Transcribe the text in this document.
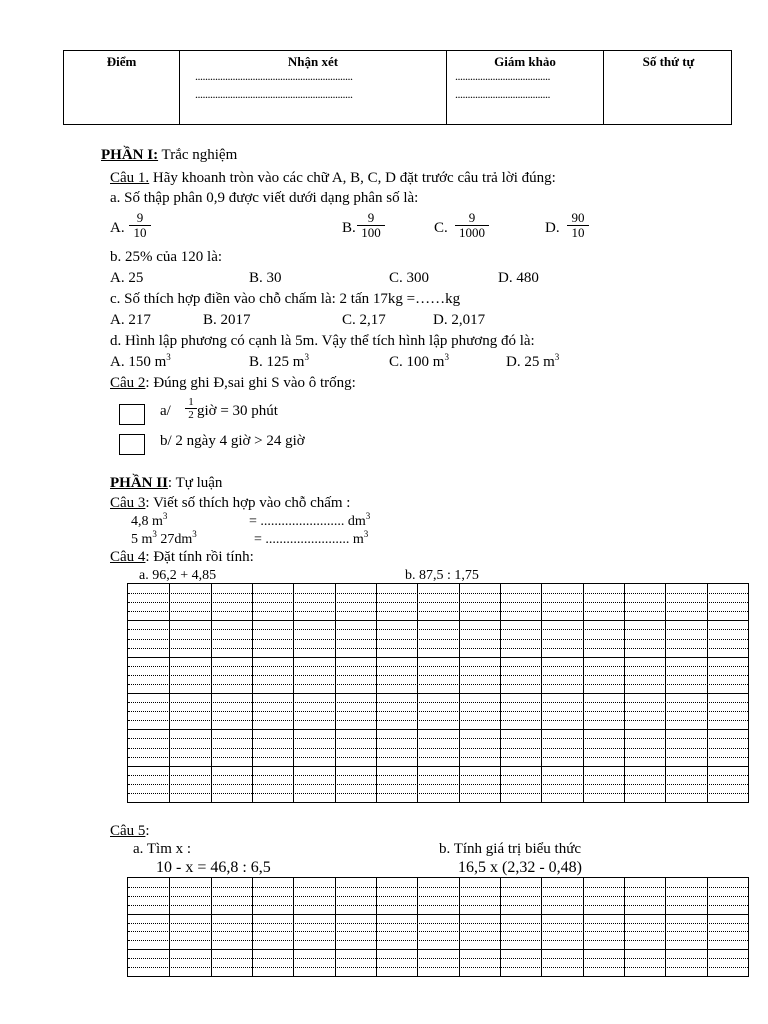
Điểm	Nhận xét	Giám khảo	Số thứ tự
...............................................................
...............................................................
......................................
......................................
PHẦN I: Trắc nghiệm
Câu 1. Hãy khoanh tròn vào các chữ A, B, C, D đặt trước câu trả lời đúng:
a. Số thập phân 0,9 được viết dưới dạng phân số là:
A.
9
10	B.
9
100	C.
9
1000	D.
90
10
b. 25% của 120 là:
A. 25	B. 30	C. 300	D. 480
c. Số thích hợp điền vào chỗ chấm là: 2 tấn 17kg =……kg
A. 217	B. 2017	C. 2,17	D. 2,017
d. Hình lập phương có cạnh là 5m. Vậy thể tích hình lập phương đó là:
A. 150 $m^3$	B. 125 $m^3$	C. 100 $m^3$	D. 25 $m^3$
Câu 2: Đúng ghi Đ,sai ghi S vào ô trống:
a/
1
2 giờ = 30 phút
b/ 2 ngày 4 giờ > 24 giờ
PHẦN II: Tự luận
Câu 3: Viết số thích hợp vào chỗ chấm :
4,8 $m^3$	= ........................ $dm^3$
5 $m^3$ $27dm^3$	= ........................ $m^3$
Câu 4: Đặt tính rồi tính:
a. 96,2 + 4,85	b. 87,5 : 1,75
Câu 5:
a. Tìm x :
10 - x = 46,8 : 6,5
b. Tính giá trị biểu thức
16,5 x (2,32 - 0,48)
